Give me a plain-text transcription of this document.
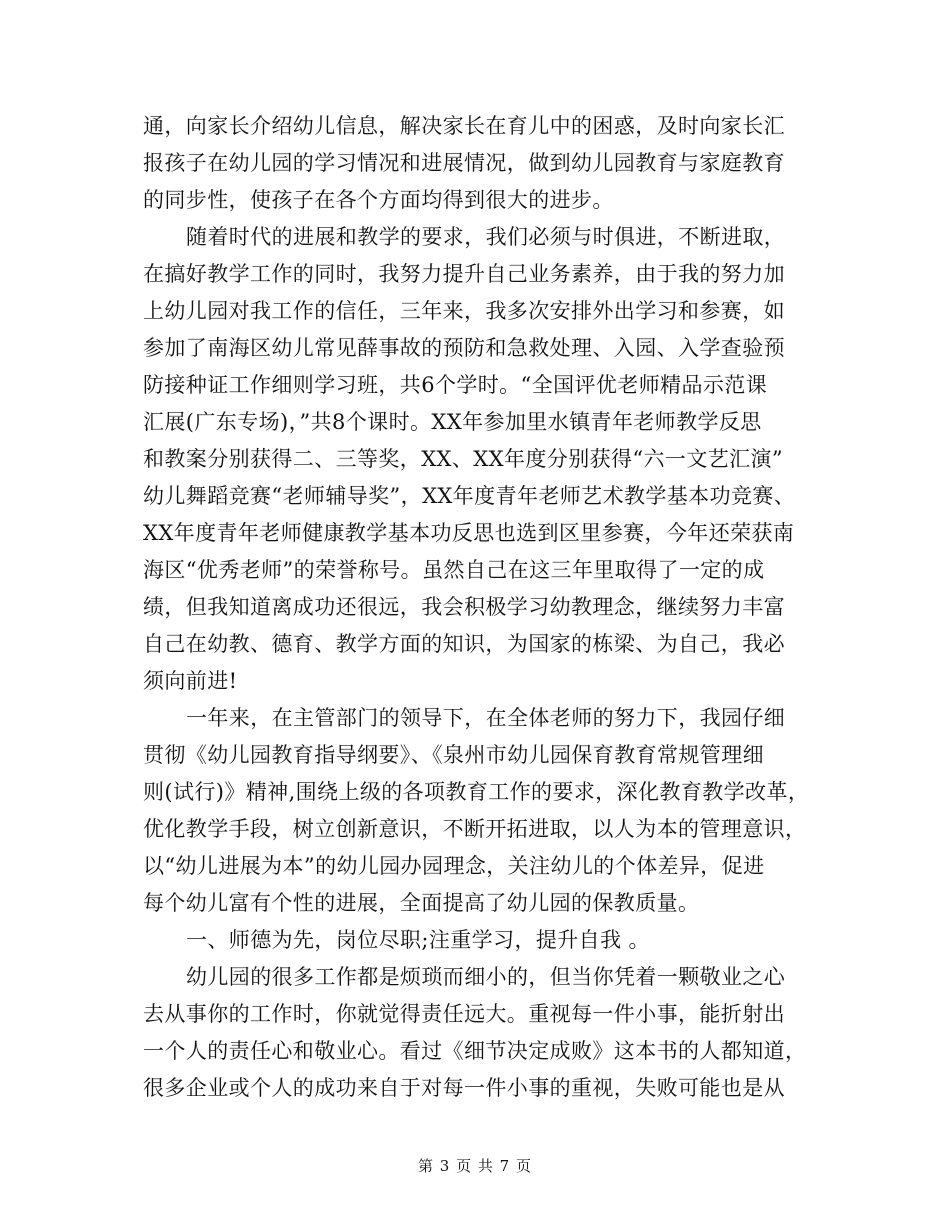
通，向家长介绍幼儿信息，解决家长在育儿中的困惑，及时向家长汇
报孩子在幼儿园的学习情况和进展情况，做到幼儿园教育与家庭教育
的同步性，使孩子在各个方面均得到很大的进步。
随着时代的进展和教学的要求，我们必须与时俱进，不断进取，
在搞好教学工作的同时，我努力提升自己业务素养，由于我的努力加
上幼儿园对我工作的信任，三年来，我多次安排外出学习和参赛，如
参加了南海区幼儿常见薛事故的预防和急救处理、入园、入学查验预
防接种证工作细则学习班，共6个学时。“全国评优老师精品示范课
汇展(广东专场)，”共8个课时。XX年参加里水镇青年老师教学反思
和教案分别获得二、三等奖，XX、XX年度分别获得“六一文艺汇演”
幼儿舞蹈竞赛“老师辅导奖”，XX年度青年老师艺术教学基本功竞赛、
XX年度青年老师健康教学基本功反思也选到区里参赛，今年还荣获南
海区“优秀老师”的荣誉称号。虽然自己在这三年里取得了一定的成
绩，但我知道离成功还很远，我会积极学习幼教理念，继续努力丰富
自己在幼教、德育、教学方面的知识，为国家的栋梁、为自己，我必
须向前进!
一年来，在主管部门的领导下，在全体老师的努力下，我园仔细
贯彻《幼儿园教育指导纲要》、《泉州市幼儿园保育教育常规管理细
则(试行)》精神,围绕上级的各项教育工作的要求，深化教育教学改革，
优化教学手段，树立创新意识，不断开拓进取，以人为本的管理意识，
以“幼儿进展为本”的幼儿园办园理念，关注幼儿的个体差异，促进
每个幼儿富有个性的进展，全面提高了幼儿园的保教质量。
一、师德为先，岗位尽职;注重学习，提升自我 。
幼儿园的很多工作都是烦琐而细小的，但当你凭着一颗敬业之心
去从事你的工作时，你就觉得责任远大。重视每一件小事，能折射出
一个人的责任心和敬业心。看过《细节决定成败》这本书的人都知道，
很多企业或个人的成功来自于对每一件小事的重视，失败可能也是从
第 3 页 共 7 页
